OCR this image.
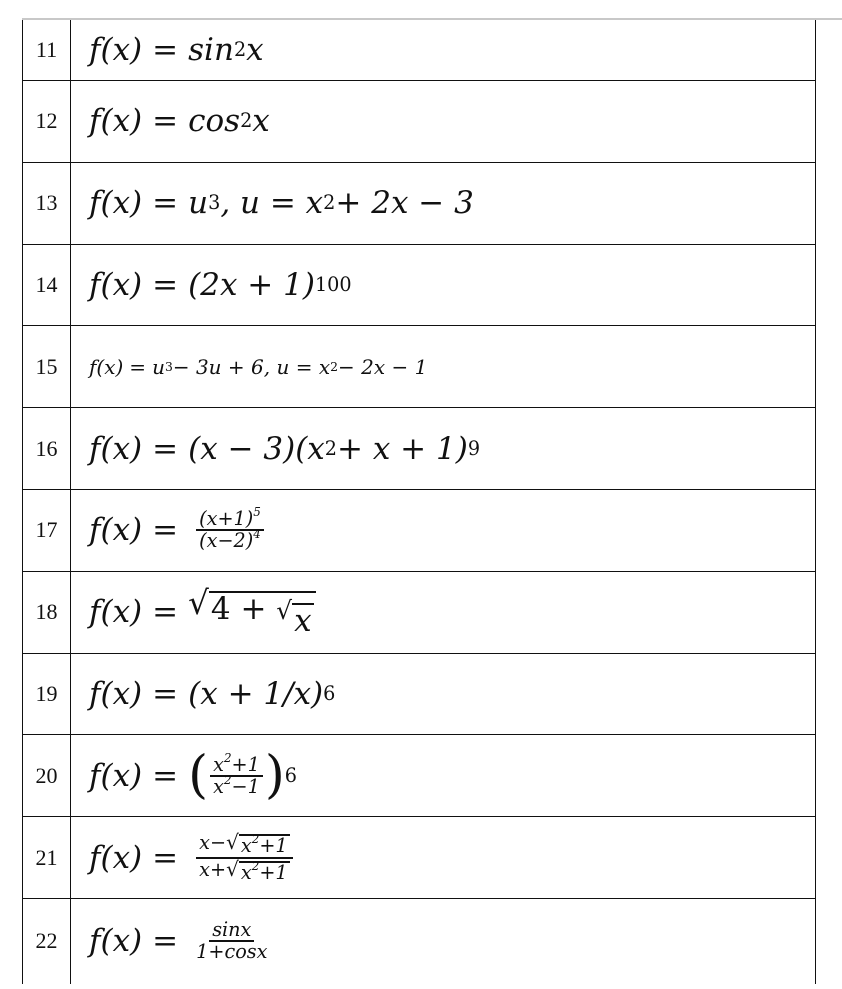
11	f(x) = sin 2 x
12	f(x) = cos 2 x
13	f(x) = u 3 , u = x 2 + 2x − 3
14	f(x) = (2x + 1) 100
15	f(x) = u 3 − 3u + 6, u = x 2 − 2x − 1
16	f(x) = (x − 3)(x 2 + x + 1) 9
17	$f(x) = \frac{(x+1)^5}{(x-2)^4}$
18	f(x) = √ 4 + √ x
19	f(x) = (x + 1/x) 6
20	f(x) = ( $\frac{x^2+1}{x^2-1}$ ) 6
21	$f(x) = \frac{x- √ x^2+1}{x+ √ x^2+1}$
22	$f(x) = \frac{\sin x}{1+\cos x}$
